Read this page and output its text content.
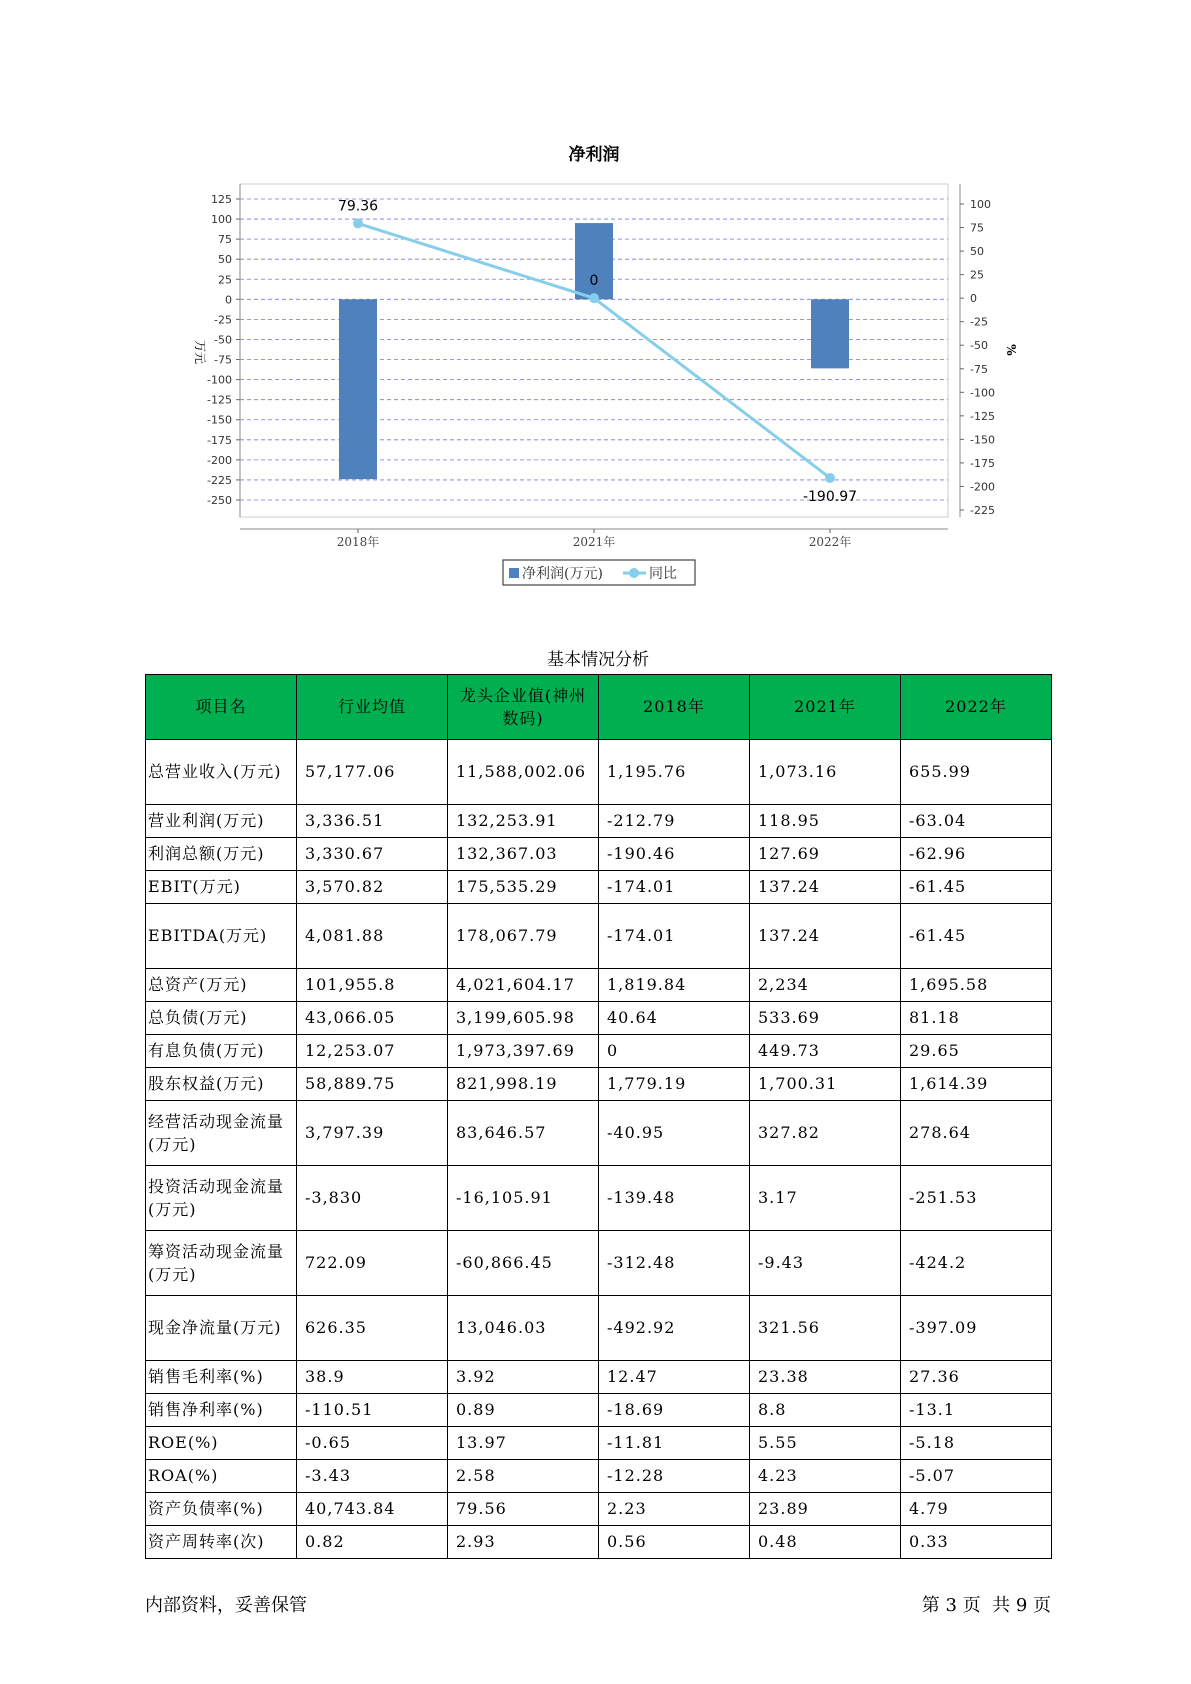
净利润
125
100
75
50
25
0
-25
-50
-75
-100
-125
-150
-175
-200
-225
-250
100
75
50
25
0
-25
-50
-75
-100
-125
-150
-175
-200
-225
2018年	2021年	2022年
万元	%
79.36
0
-190.97
净利润(万元)	同比
基本情况分析
项目名	行业均值	龙头企业值(神州数码)	2018年	2021年	2022年
总营业收入(万元)	57,177.06	11,588,002.06	1,195.76	1,073.16	655.99
营业利润(万元)	3,336.51	132,253.91	-212.79	118.95	-63.04
利润总额(万元)	3,330.67	132,367.03	-190.46	127.69	-62.96
EBIT(万元)	3,570.82	175,535.29	-174.01	137.24	-61.45
EBITDA(万元)	4,081.88	178,067.79	-174.01	137.24	-61.45
总资产(万元)	101,955.8	4,021,604.17	1,819.84	2,234	1,695.58
总负债(万元)	43,066.05	3,199,605.98	40.64	533.69	81.18
有息负债(万元)	12,253.07	1,973,397.69	0	449.73	29.65
股东权益(万元)	58,889.75	821,998.19	1,779.19	1,700.31	1,614.39
经营活动现金流量(万元)	3,797.39	83,646.57	-40.95	327.82	278.64
投资活动现金流量(万元)	-3,830	-16,105.91	-139.48	3.17	-251.53
筹资活动现金流量(万元)	722.09	-60,866.45	-312.48	-9.43	-424.2
现金净流量(万元)	626.35	13,046.03	-492.92	321.56	-397.09
销售毛利率(%)	38.9	3.92	12.47	23.38	27.36
销售净利率(%)	-110.51	0.89	-18.69	8.8	-13.1
ROE(%)	-0.65	13.97	-11.81	5.55	-5.18
ROA(%)	-3.43	2.58	-12.28	4.23	-5.07
资产负债率(%)	40,743.84	79.56	2.23	23.89	4.79
资产周转率(次)	0.82	2.93	0.56	0.48	0.33
内部资料，妥善保管	第 3 页  共 9 页
